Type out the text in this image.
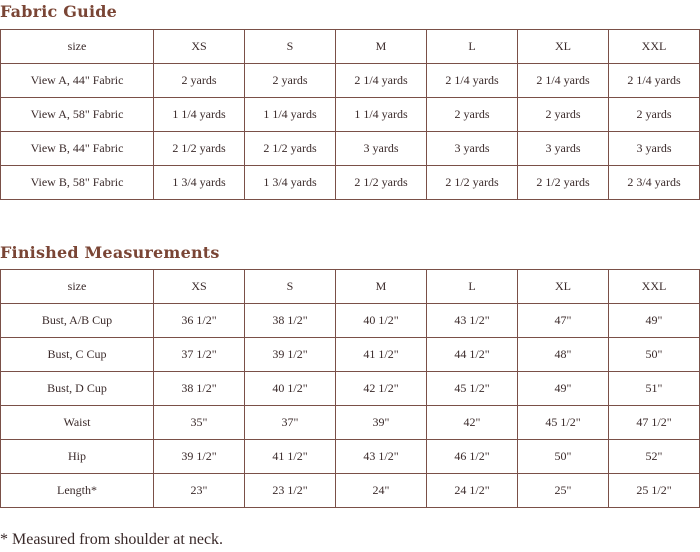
Fabric Guide
size	XS	S	M	L	XL	XXL
View A, 44" Fabric	2 yards	2 yards	2 1/4 yards	2 1/4 yards	2 1/4 yards	2 1/4 yards
View A, 58" Fabric	1 1/4 yards	1 1/4 yards	1 1/4 yards	2 yards	2 yards	2 yards
View B, 44" Fabric	2 1/2 yards	2 1/2 yards	3 yards	3 yards	3 yards	3 yards
View B, 58" Fabric	1 3/4 yards	1 3/4 yards	2 1/2 yards	2 1/2 yards	2 1/2 yards	2 3/4 yards
Finished Measurements
size	XS	S	M	L	XL	XXL
Bust, A/B Cup	36 1/2"	38 1/2"	40 1/2"	43 1/2"	47"	49"
Bust, C Cup	37 1/2"	39 1/2"	41 1/2"	44 1/2"	48"	50"
Bust, D Cup	38 1/2"	40 1/2"	42 1/2"	45 1/2"	49"	51"
Waist	35"	37"	39"	42"	45 1/2"	47 1/2"
Hip	39 1/2"	41 1/2"	43 1/2"	46 1/2"	50"	52"
Length*	23"	23 1/2"	24"	24 1/2"	25"	25 1/2"

* Measured from shoulder at neck.
